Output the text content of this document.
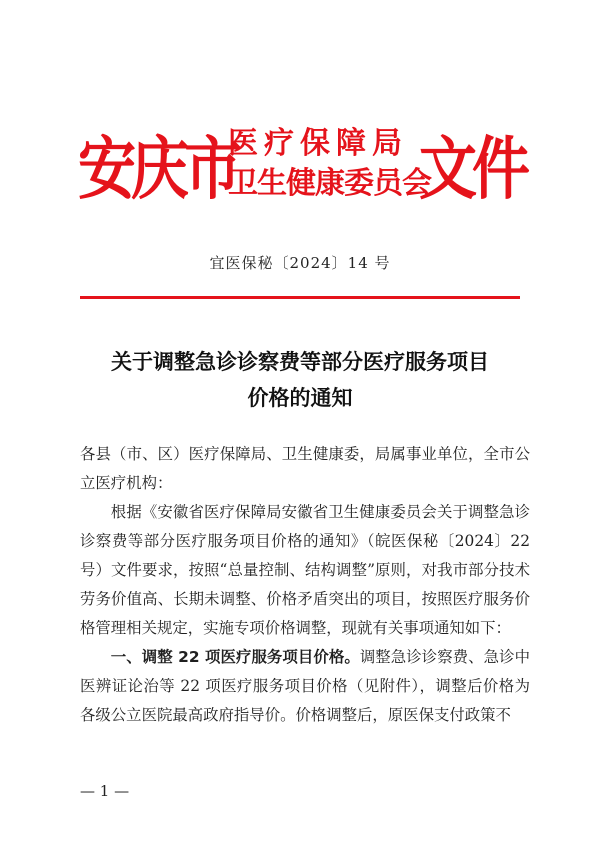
安庆市
医疗保障局
卫生健康委员会
文件
宜医保秘〔2024〕14 号
关于调整急诊诊察费等部分医疗服务项目
价格的通知

各县（市、区）医疗保障局、卫生健康委，局属事业单位，全市公立医疗机构：

根据《安徽省医疗保障局安徽省卫生健康委员会关于调整急诊诊察费等部分医疗服务项目价格的通知》（皖医保秘〔2024〕22 号）文件要求，按照“总量控制、结构调整”原则，对我市部分技术劳务价值高、长期未调整、价格矛盾突出的项目，按照医疗服务价格管理相关规定，实施专项价格调整，现就有关事项通知如下：

一、调整 22 项医疗服务项目价格。调整急诊诊察费、急诊中医辨证论治等 22 项医疗服务项目价格（见附件），调整后价格为各级公立医院最高政府指导价。价格调整后，原医保支付政策不

— 1 —
